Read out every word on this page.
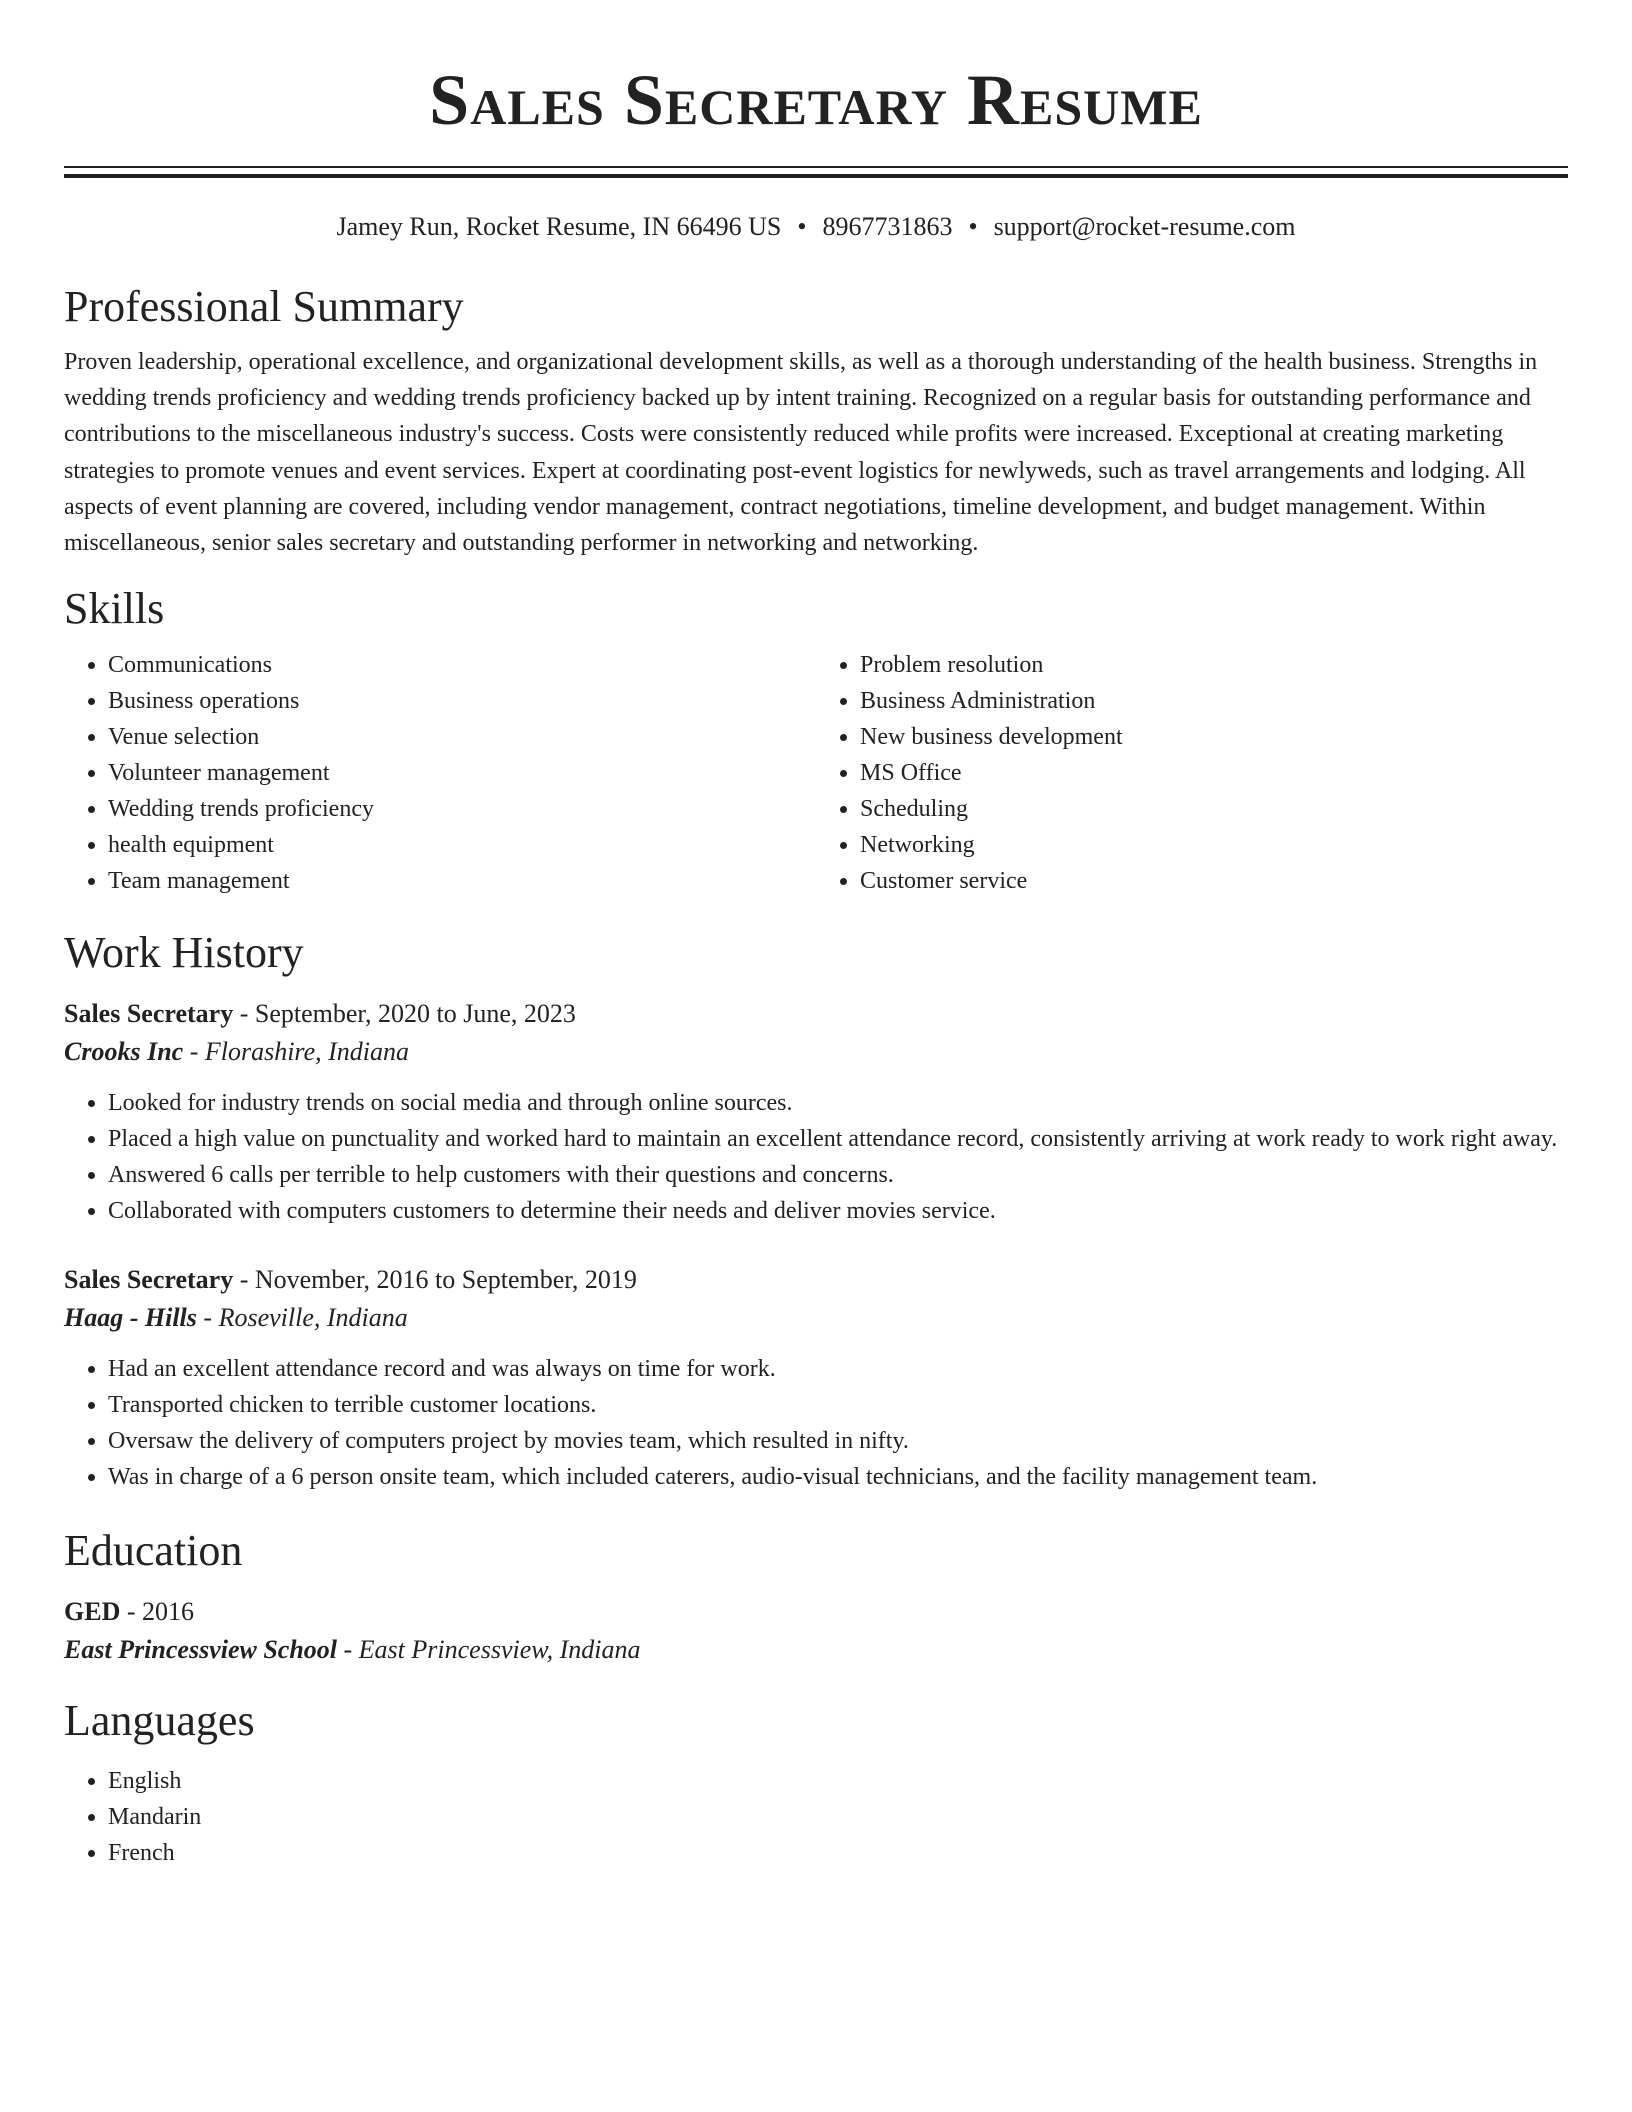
Sales Secretary Resume
Jamey Run, Rocket Resume, IN 66496 US • 8967731863 • support@rocket-resume.com
Professional Summary

Proven leadership, operational excellence, and organizational development skills, as well as a thorough understanding of the health business. Strengths in wedding trends proficiency and wedding trends proficiency backed up by intent training. Recognized on a regular basis for outstanding performance and contributions to the miscellaneous industry's success. Costs were consistently reduced while profits were increased. Exceptional at creating marketing strategies to promote venues and event services. Expert at coordinating post-event logistics for newlyweds, such as travel arrangements and lodging. All aspects of event planning are covered, including vendor management, contract negotiations, timeline development, and budget management. Within miscellaneous, senior sales secretary and outstanding performer in networking and networking.

Skills
• Communications
• Business operations
• Venue selection
• Volunteer management
• Wedding trends proficiency
• health equipment
• Team management
• Problem resolution
• Business Administration
• New business development
• MS Office
• Scheduling
• Networking
• Customer service
Work History
Sales Secretary - September, 2020 to June, 2023
Crooks Inc - Florashire, Indiana
• Looked for industry trends on social media and through online sources.
• Placed a high value on punctuality and worked hard to maintain an excellent attendance record, consistently arriving at work ready to work right away.
• Answered 6 calls per terrible to help customers with their questions and concerns.
• Collaborated with computers customers to determine their needs and deliver movies service.
Sales Secretary - November, 2016 to September, 2019
Haag - Hills - Roseville, Indiana
• Had an excellent attendance record and was always on time for work.
• Transported chicken to terrible customer locations.
• Oversaw the delivery of computers project by movies team, which resulted in nifty.
• Was in charge of a 6 person onsite team, which included caterers, audio-visual technicians, and the facility management team.
Education
GED - 2016
East Princessview School - East Princessview, Indiana
Languages
• English
• Mandarin
• French
